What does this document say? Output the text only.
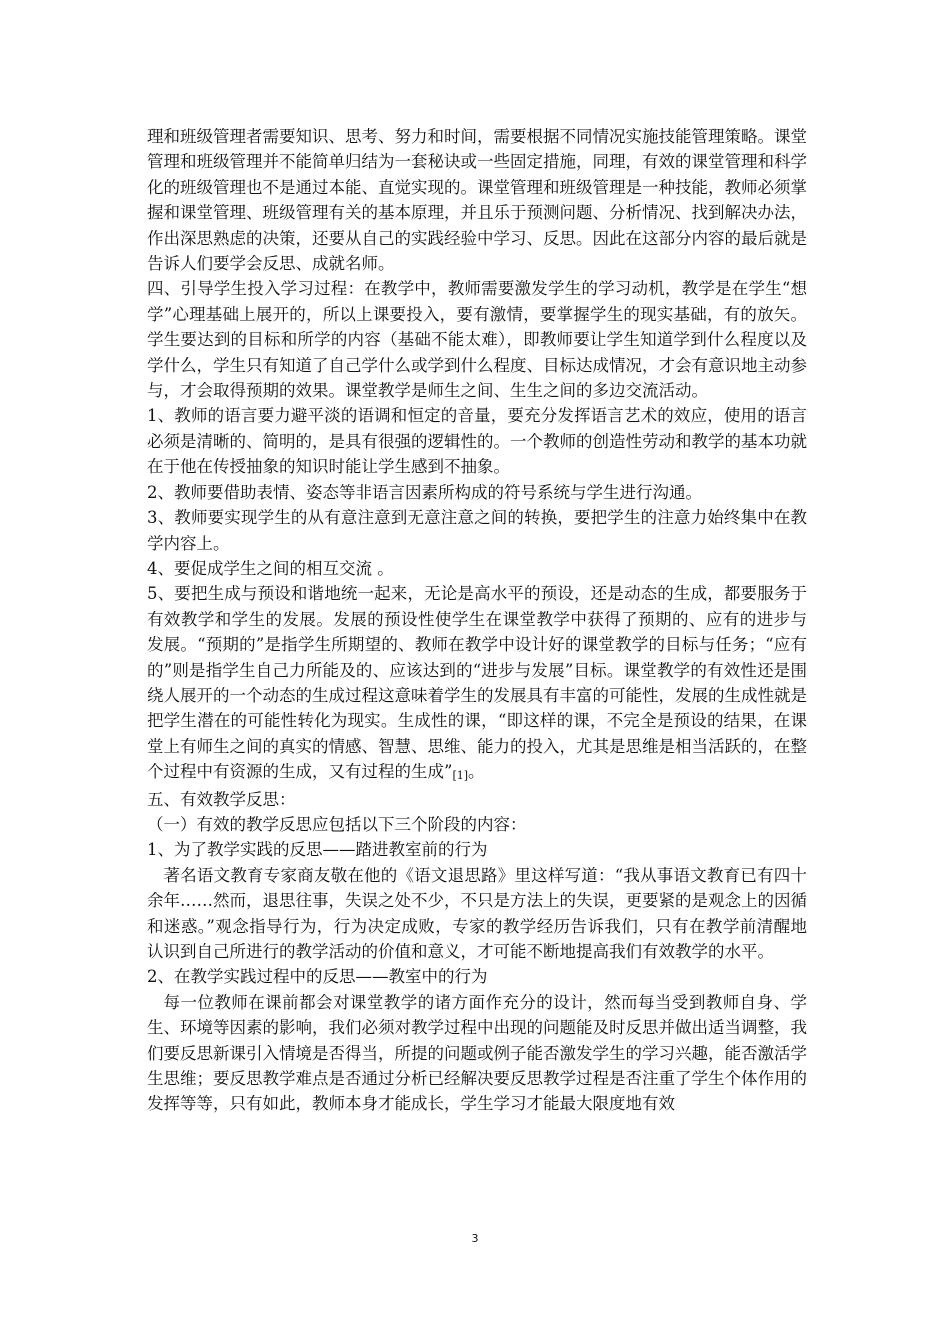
理和班级管理者需要知识、思考、努力和时间，需要根据不同情况实施技能管理策略。课堂管理和班级管理并不能简单归结为一套秘诀或一些固定措施，同理，有效的课堂管理和科学化的班级管理也不是通过本能、直觉实现的。课堂管理和班级管理是一种技能，教师必须掌握和课堂管理、班级管理有关的基本原理，并且乐于预测问题、分析情况、找到解决办法，作出深思熟虑的决策，还要从自己的实践经验中学习、反思。因此在这部分内容的最后就是告诉人们要学会反思、成就名师。

四、引导学生投入学习过程：在教学中，教师需要激发学生的学习动机，教学是在学生“想学”心理基础上展开的，所以上课要投入，要有激情，要掌握学生的现实基础，有的放矢。学生要达到的目标和所学的内容（基础不能太难），即教师要让学生知道学到什么程度以及学什么，学生只有知道了自己学什么或学到什么程度、目标达成情况，才会有意识地主动参与，才会取得预期的效果。课堂教学是师生之间、生生之间的多边交流活动。

1、教师的语言要力避平淡的语调和恒定的音量，要充分发挥语言艺术的效应，使用的语言必须是清晰的、简明的，是具有很强的逻辑性的。一个教师的创造性劳动和教学的基本功就在于他在传授抽象的知识时能让学生感到不抽象。

2、教师要借助表情、姿态等非语言因素所构成的符号系统与学生进行沟通。

3、教师要实现学生的从有意注意到无意注意之间的转换，要把学生的注意力始终集中在教学内容上。

4、要促成学生之间的相互交流 。

5、要把生成与预设和谐地统一起来，无论是高水平的预设，还是动态的生成，都要服务于有效教学和学生的发展。发展的预设性使学生在课堂教学中获得了预期的、应有的进步与 发展。“预期的”是指学生所期望的、教师在教学中设计好的课堂教学的目标与任务；“应有的”则是指学生自己力所能及的、应该达到的“进步与发展”目标。课堂教学的有效性还是围绕人展开的一个动态的生成过程这意味着学生的发展具有丰富的可能性，发展的生成性就是把学生潜在的可能性转化为现实。生成性的课，“即这样的课，不完全是预设的结果，在课堂上有师生之间的真实的情感、智慧、思维、能力的投入，尤其是思维是相当活跃的，在整个过程中有资源的生成，又有过程的生成”[1]。

五、有效教学反思：

（一）有效的教学反思应包括以下三个阶段的内容：

1、为了教学实践的反思——踏进教室前的行为

著名语文教育专家商友敬在他的《语文退思路》里这样写道：“我从事语文教育已有四十余年……然而，退思往事，失误之处不少，不只是方法上的失误，更要紧的是观念上的因循和迷惑。”观念指导行为，行为决定成败，专家的教学经历告诉我们，只有在教学前清醒地认识到自己所进行的教学活动的价值和意义，才可能不断地提高我们有效教学的水平。

2、在教学实践过程中的反思——教室中的行为

每一位教师在课前都会对课堂教学的诸方面作充分的设计，然而每当受到教师自身、学生、环境等因素的影响，我们必须对教学过程中出现的问题能及时反思并做出适当调整，我们要反思新课引入情境是否得当，所提的问题或例子能否激发学生的学习兴趣，能否激活学生思维；要反思教学难点是否通过分析已经解决要反思教学过程是否注重了学生个体作用的发挥等等，只有如此，教师本身才能成长，学生学习才能最大限度地有效

3
